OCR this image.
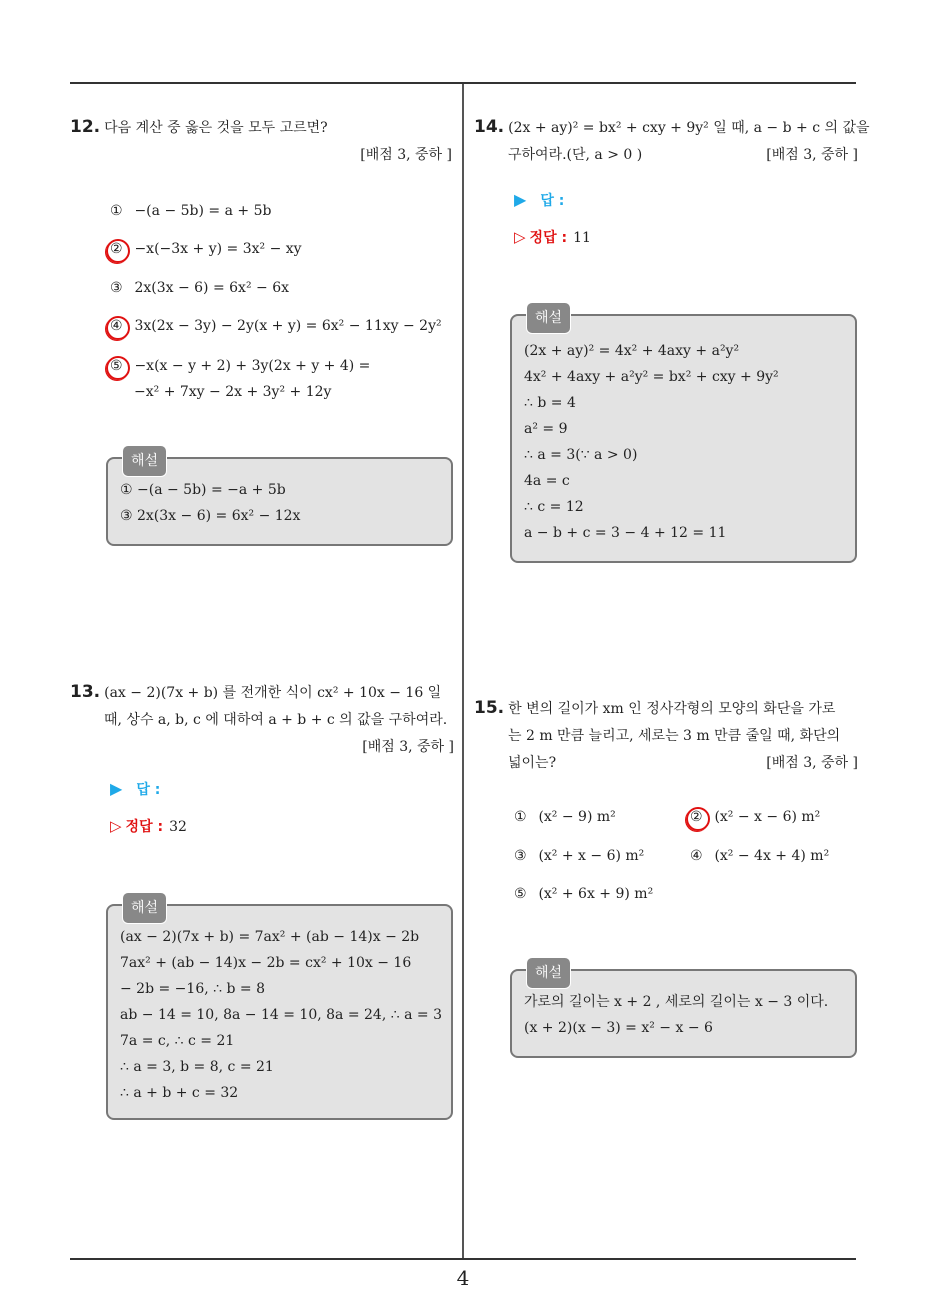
4
12. 다음 계산 중 옳은 것을 모두 고르면?
[배점 3, 중하 ]
① −(a − 5b) = a + 5b
② −x(−3x + y) = 3x² − xy
③ 2x(3x − 6) = 6x² − 6x
④ 3x(2x − 3y) − 2y(x + y) = 6x² − 11xy − 2y²
⑤ −x(x − y + 2) + 3y(2x + y + 4) =
−x² + 7xy − 2x + 3y² + 12y
해설
① −(a − 5b) = −a + 5b
③ 2x(3x − 6) = 6x² − 12x
13. (ax − 2)(7x + b) 를 전개한 식이 cx² + 10x − 16 일
때, 상수 a, b, c 에 대하여 a + b + c 의 값을 구하여라.
[배점 3, 중하 ]
▶ 답 :
▷ 정답 : 32
해설
(ax − 2)(7x + b) = 7ax² + (ab − 14)x − 2b
7ax² + (ab − 14)x − 2b = cx² + 10x − 16
− 2b = −16, ∴ b = 8
ab − 14 = 10, 8a − 14 = 10, 8a = 24, ∴ a = 3
7a = c, ∴ c = 21
∴ a = 3, b = 8, c = 21
∴ a + b + c = 32
14. (2x + ay)² = bx² + cxy + 9y² 일 때, a − b + c 의 값을
구하여라.(단, a > 0 )	[배점 3, 중하 ]
▶ 답 :
▷ 정답 : 11
해설
(2x + ay)² = 4x² + 4axy + a²y²
4x² + 4axy + a²y² = bx² + cxy + 9y²
∴ b = 4
a² = 9
∴ a = 3(∵ a > 0)
4a = c
∴ c = 12
a − b + c = 3 − 4 + 12 = 11
15. 한 변의 길이가 xm 인 정사각형의 모양의 화단을 가로
는 2 m 만큼 늘리고, 세로는 3 m 만큼 줄일 때, 화단의
넓이는?	[배점 3, 중하 ]
① (x² − 9) m²	② (x² − x − 6) m²
③ (x² + x − 6) m²	④ (x² − 4x + 4) m²
⑤ (x² + 6x + 9) m²
해설
가로의 길이는 x + 2 , 세로의 길이는 x − 3 이다.
(x + 2)(x − 3) = x² − x − 6
